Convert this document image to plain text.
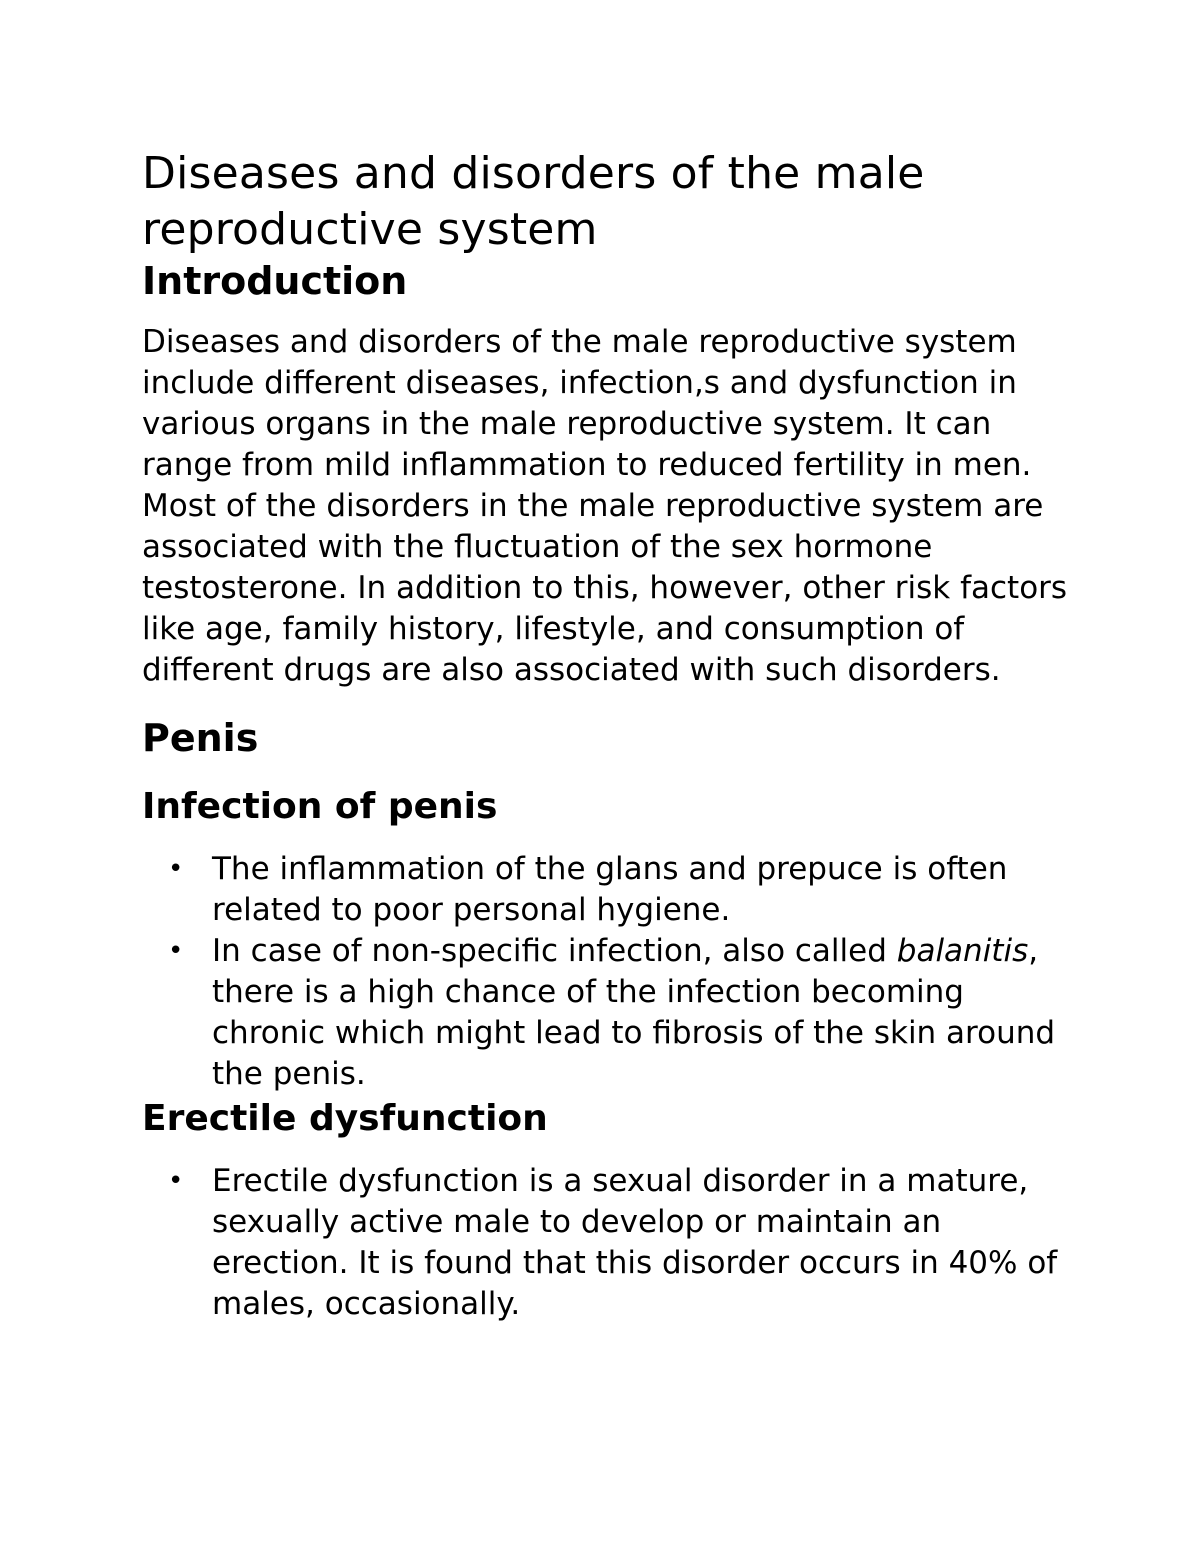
Diseases and disorders of the male reproductive system
Introduction

Diseases and disorders of the male reproductive system include different diseases, infection,s and dysfunction in various organs in the male reproductive system. It can range from mild inflammation to reduced fertility in men. Most of the disorders in the male reproductive system are associated with the fluctuation of the sex hormone testosterone. In addition to this, however, other risk factors like age, family history, lifestyle, and consumption of different drugs are also associated with such disorders.

Penis
Infection of penis
• The inflammation of the glans and prepuce is often related to poor personal hygiene.
• In case of non-specific infection, also called balanitis, there is a high chance of the infection becoming chronic which might lead to fibrosis of the skin around the penis.
Erectile dysfunction
• Erectile dysfunction is a sexual disorder in a mature, sexually active male to develop or maintain an erection. It is found that this disorder occurs in 40% of males, occasionally.
